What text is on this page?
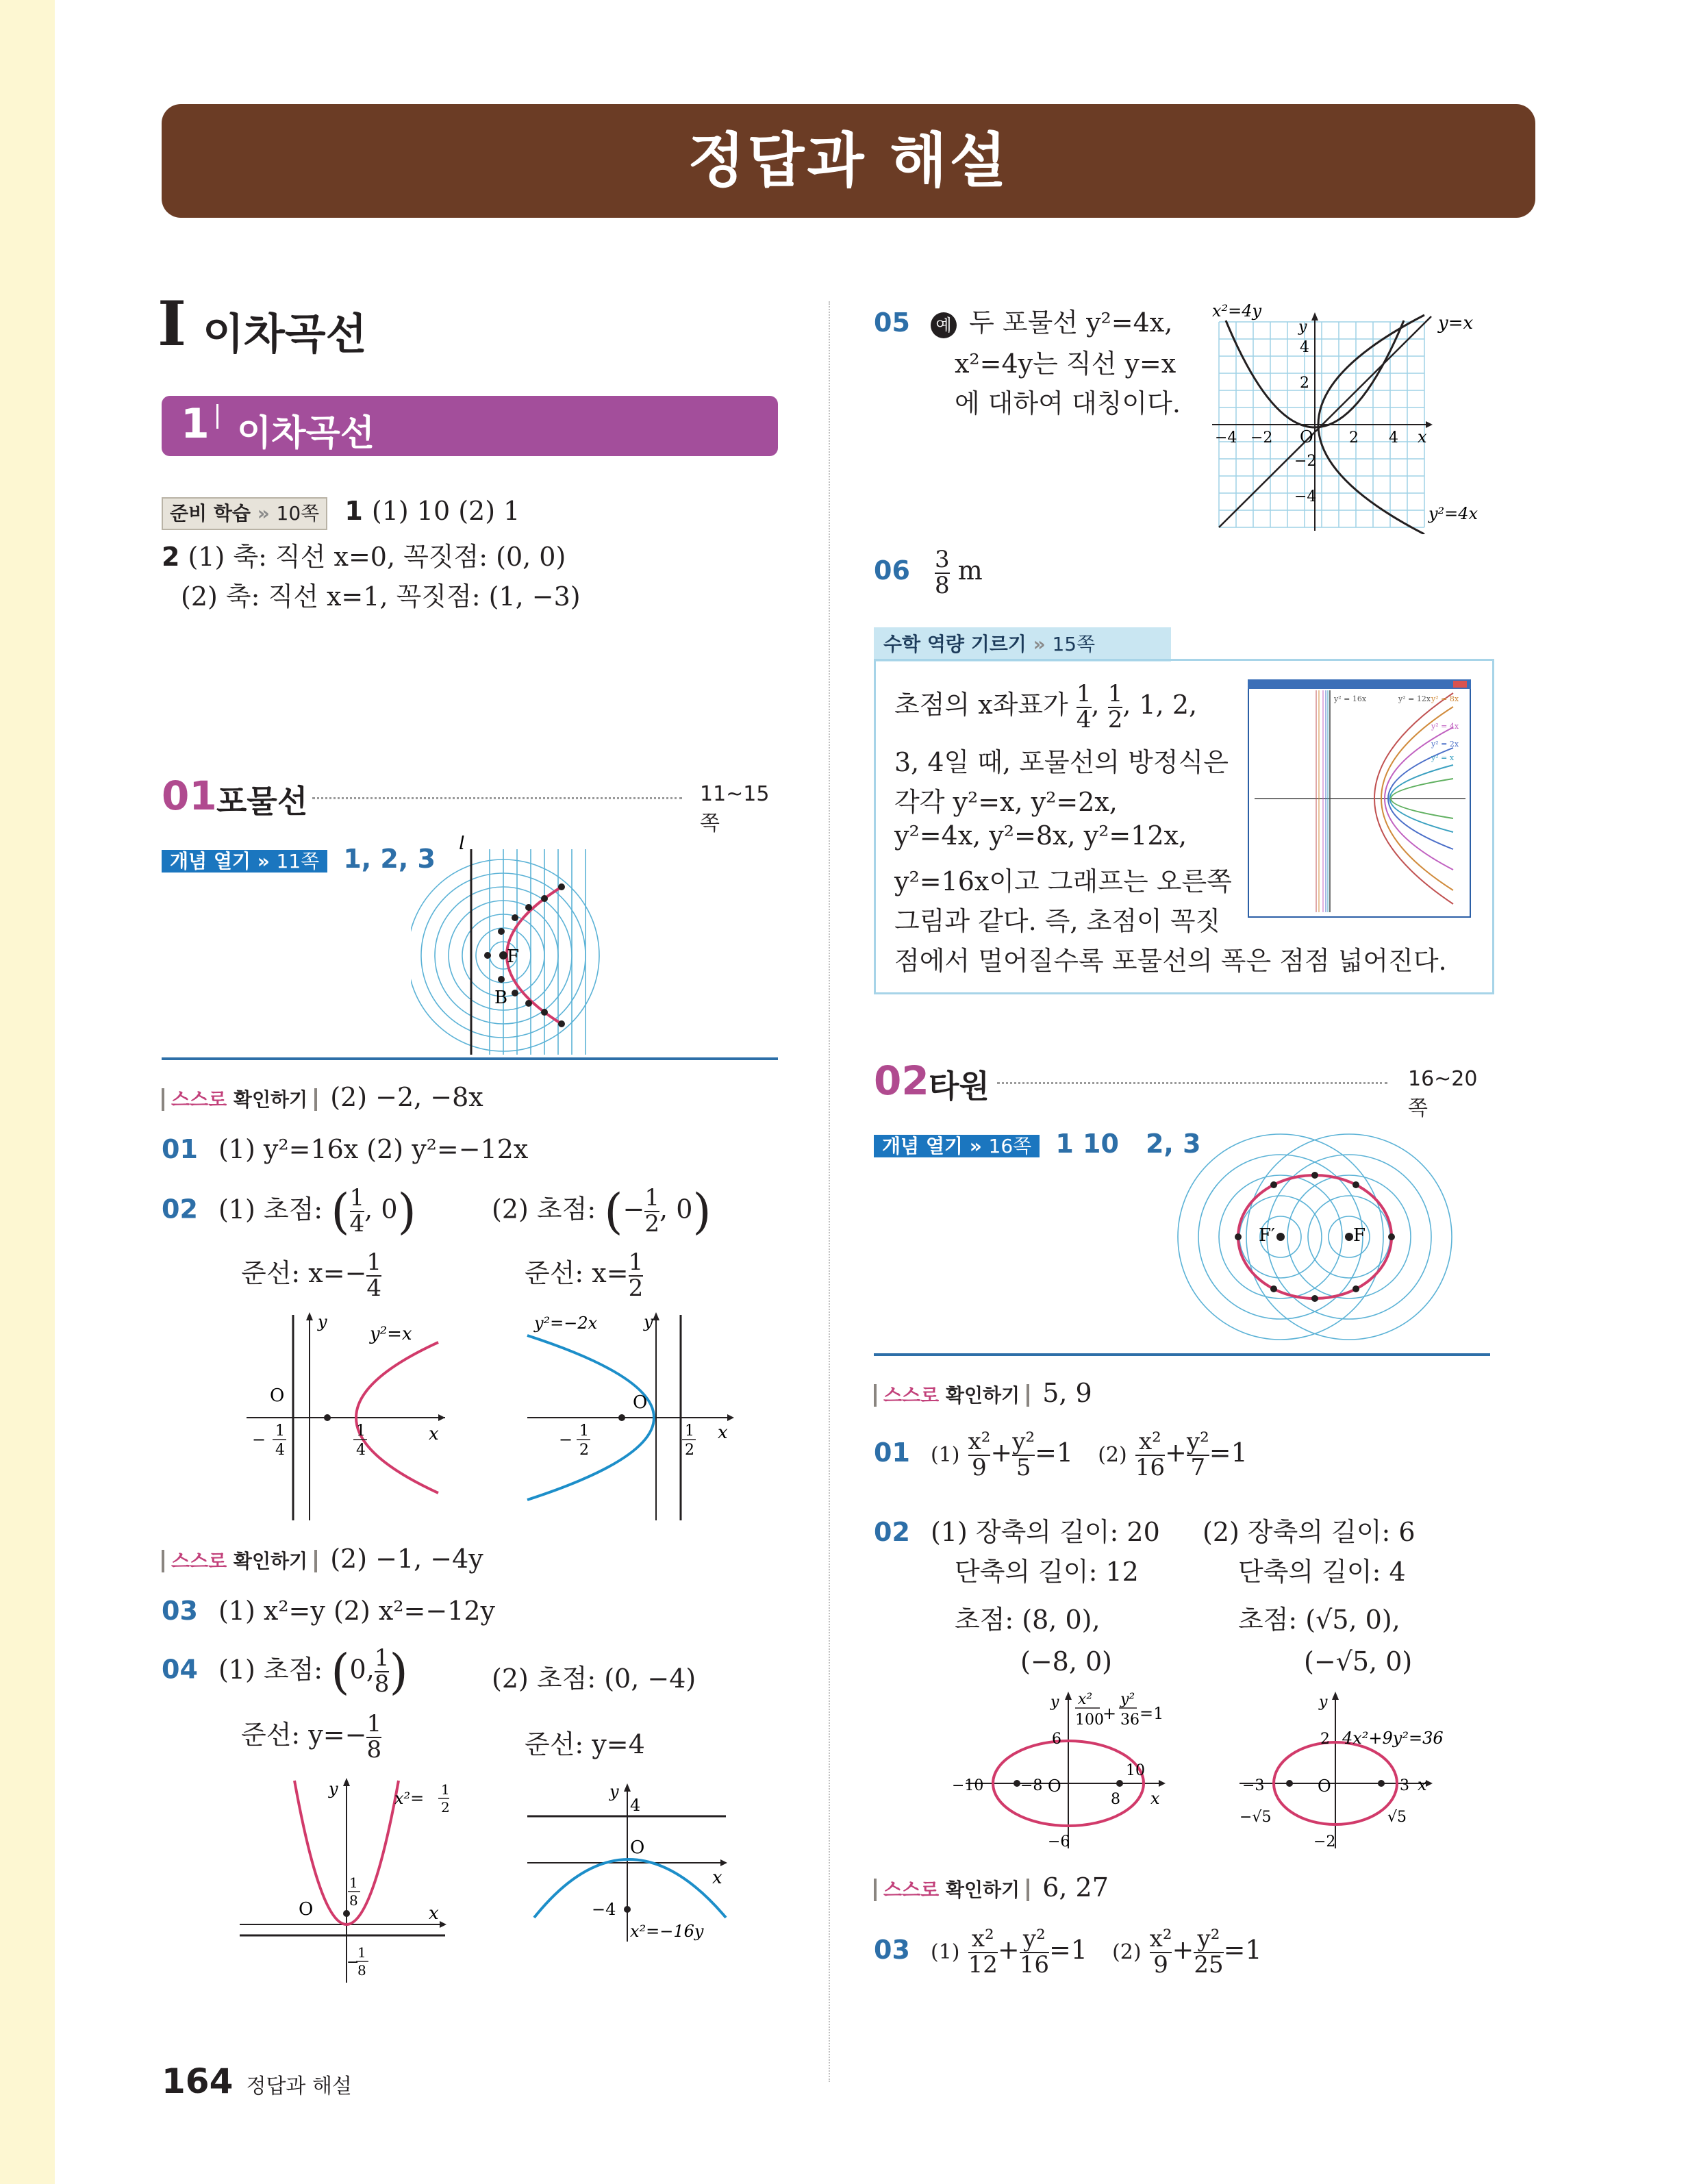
정답과 해설
I 이차곡선
1 이차곡선
준비 학습 » 10쪽 1 (1) 10 (2) 1
2 (1) 축: 직선 x=0, 꼭짓점: (0, 0)
(2) 축: 직선 x=1, 꼭짓점: (1, −3)
01 포물선	11~15쪽
개념 열기 » 11쪽 1, 2, 3
l
F
B
스스로 확인하기 (2) −2, −8x
01 (1) y²=16x (2) y²=−12x
02 (1) 초점: ( $\frac{1}{4}$ , 0)	(2) 초점: (− $\frac{1}{2}$ , 0)
준선: $x=- \frac{1}{4}$	준선: $x= \frac{1}{2}$
y
y²=x
x
O
− 1
4
1
4
y
y²=−2x
x
O
− 1
2
1
2
스스로 확인하기 (2) −1, −4y
03 (1) x²=y (2) x²=−12y
04 (1) 초점: (0, $\frac{1}{8}$ )	(2) 초점: (0, −4)
준선: $y=- \frac{1}{8}$	준선: y=4
y	x²= 1
2
x
O
1
8
−
1
8
y
4
O
x
−4
x²=−16y
05 예 두 포물선 y²=4x,
x²=4y는 직선 y=x
에 대하여 대칭이다.
x²=4y
y	y=x
4
2
−4 −2 O 2 4 x
−2
−4
y²=4x
$06 \frac{3}{8}$ m
수학 역량 기르기 » 15쪽
초점의 x좌표가 $\frac{1}{4}$ , $\frac{1}{2}$ , 1, 2,
3, 4일 때, 포물선의 방정식은
각각 y²=x, y²=2x,
y²=4x, y²=8x, y²=12x,
y²=16x이고 그래프는 오른쪽
그림과 같다. 즉, 초점이 꼭짓
점에서 멀어질수록 포물선의 폭은 점점 넓어진다.
y² = 16x	y² = 12x y² = 8x
y² = 4x
y² = 2x
y² = x
02 타원	16~20쪽
개념 열기 » 16쪽 1 10 2, 3
F′	F
스스로 확인하기 5, 9
01 $(1) \frac{\text{x²}}{9} + \frac{\text{y²}}{5} =1$ $(2) \frac{\text{x²}}{16} + \frac{\text{y²}}{7} =1$
02 (1) 장축의 길이: 20 (2) 장축의 길이: 6
단축의 길이: 12	단축의 길이: 4
초점: (8, 0),	초점: (√5, 0),
(−8, 0)	(−√5, 0)
y
6
x²
100
+
y²
36 =1
10
−10 −8 O
8 x
−6
y
2 4x²+9y²=36
−3	O	3 x
−√5
−2
√5
스스로 확인하기 6, 27
03 $(1) \frac{\text{x²}}{12} + \frac{\text{y²}}{16} =1$ $(2) \frac{\text{x²}}{9} + \frac{\text{y²}}{25} =1$
164 정답과 해설
